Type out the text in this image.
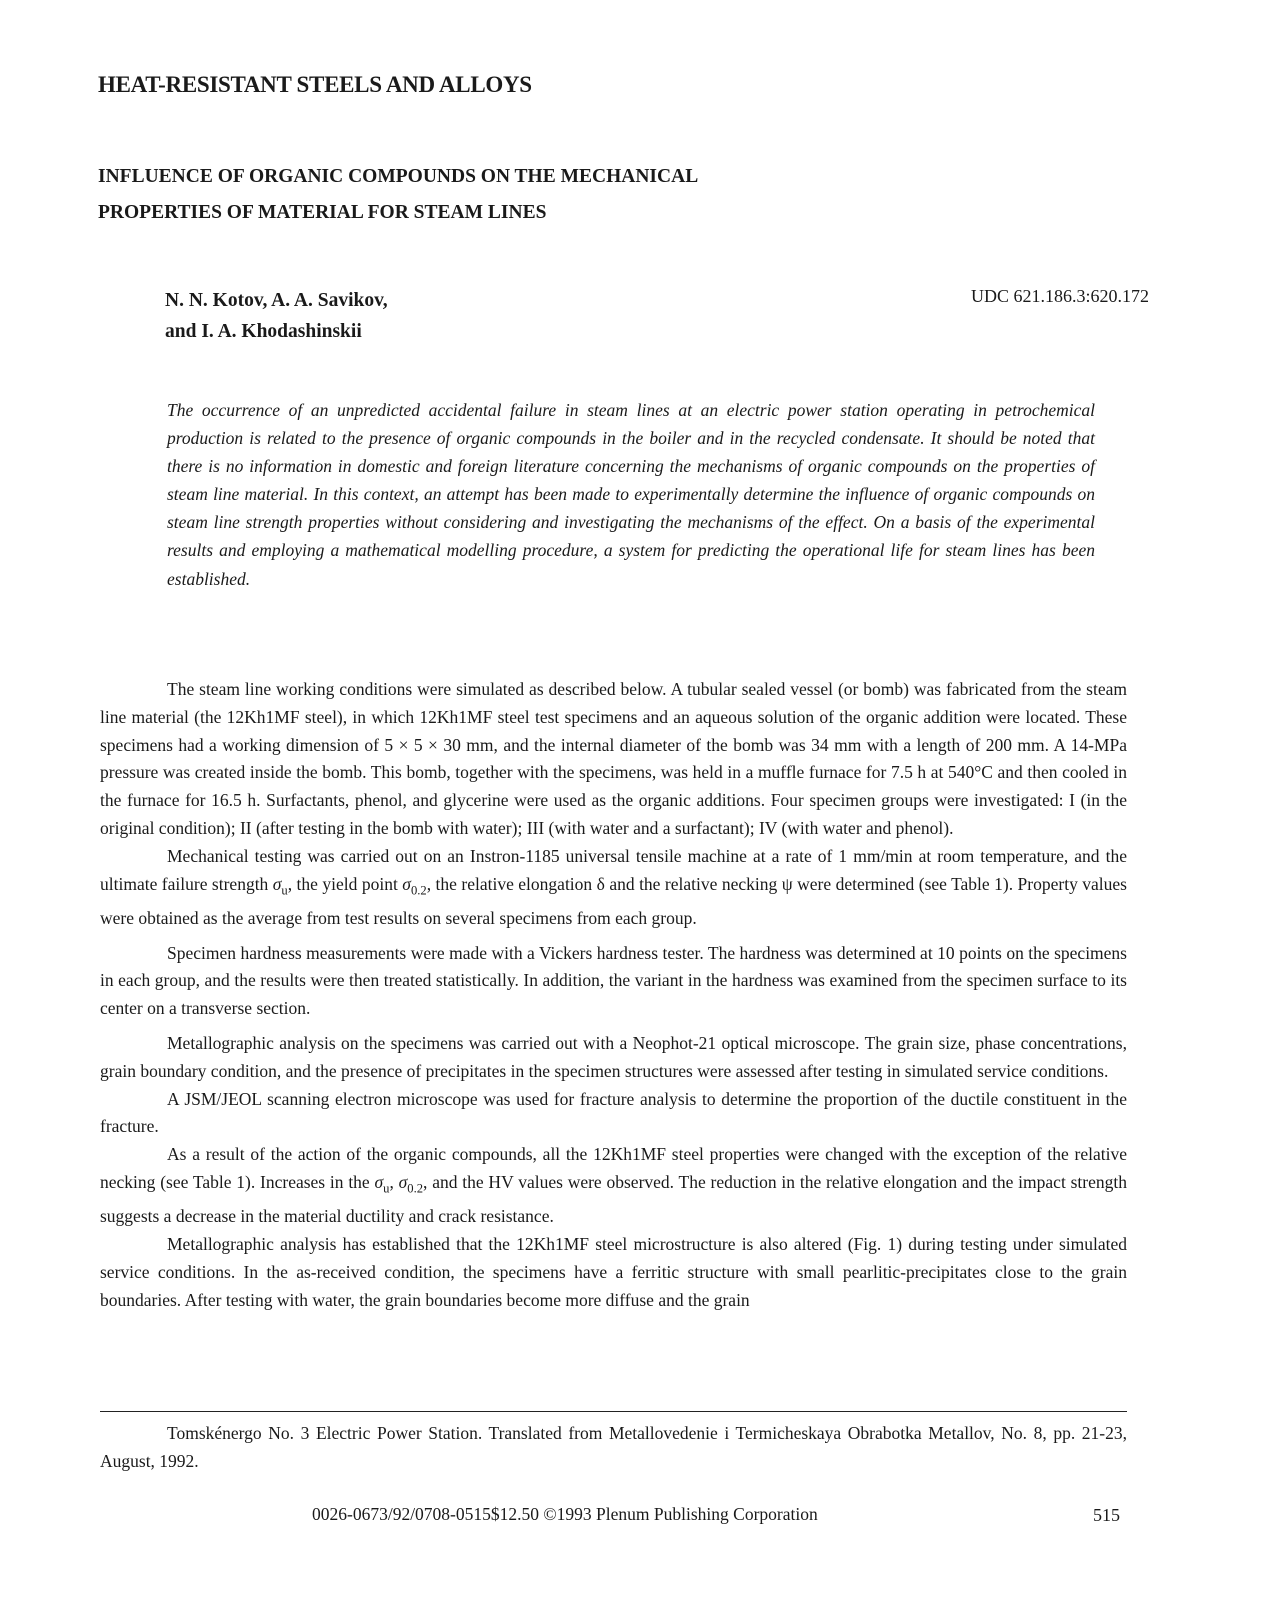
HEAT-RESISTANT STEELS AND ALLOYS
INFLUENCE OF ORGANIC COMPOUNDS ON THE MECHANICAL
PROPERTIES OF MATERIAL FOR STEAM LINES
N. N. Kotov, A. A. Savikov,
and I. A. Khodashinskii
UDC 621.186.3:620.172
The occurrence of an unpredicted accidental failure in steam lines at an electric power station operating in petrochemical production is related to the presence of organic compounds in the boiler and in the recycled condensate. It should be noted that there is no information in domestic and foreign literature concerning the mechanisms of organic compounds on the properties of steam line material. In this context, an attempt has been made to experimentally determine the influence of organic compounds on steam line strength properties without considering and investigating the mechanisms of the effect. On a basis of the experimental results and employing a mathematical modelling procedure, a system for predicting the operational life for steam lines has been established.

The steam line working conditions were simulated as described below. A tubular sealed vessel (or bomb) was fabricated from the steam line material (the 12Kh1MF steel), in which 12Kh1MF steel test specimens and an aqueous solution of the organic addition were located. These specimens had a working dimension of 5 × 5 × 30 mm, and the internal diameter of the bomb was 34 mm with a length of 200 mm. A 14-MPa pressure was created inside the bomb. This bomb, together with the specimens, was held in a muffle furnace for 7.5 h at 540°C and then cooled in the furnace for 16.5 h. Surfactants, phenol, and glycerine were used as the organic additions. Four specimen groups were investigated: I (in the original condition); II (after testing in the bomb with water); III (with water and a surfactant); IV (with water and phenol).

Mechanical testing was carried out on an Instron-1185 universal tensile machine at a rate of 1 mm/min at room temperature, and the ultimate failure strength $\sigma_u$, the yield point $\sigma_{0.2}$, the relative elongation δ and the relative necking ψ were determined (see Table 1). Property values were obtained as the average from test results on several specimens from each group.

Specimen hardness measurements were made with a Vickers hardness tester. The hardness was determined at 10 points on the specimens in each group, and the results were then treated statistically. In addition, the variant in the hardness was examined from the specimen surface to its center on a transverse section.

Metallographic analysis on the specimens was carried out with a Neophot-21 optical microscope. The grain size, phase concentrations, grain boundary condition, and the presence of precipitates in the specimen structures were assessed after testing in simulated service conditions.

A JSM/JEOL scanning electron microscope was used for fracture analysis to determine the proportion of the ductile constituent in the fracture.

As a result of the action of the organic compounds, all the 12Kh1MF steel properties were changed with the exception of the relative necking (see Table 1). Increases in the $\sigma_u$, $\sigma_{0.2}$, and the HV values were observed. The reduction in the relative elongation and the impact strength suggests a decrease in the material ductility and crack resistance.

Metallographic analysis has established that the 12Kh1MF steel microstructure is also altered (Fig. 1) during testing under simulated service conditions. In the as-received condition, the specimens have a ferritic structure with small pearlitic-precipitates close to the grain boundaries. After testing with water, the grain boundaries become more diffuse and the grain

Tomskénergo No. 3 Electric Power Station. Translated from Metallovedenie i Termicheskaya Obrabotka Metallov, No. 8, pp. 21-23, August, 1992.

0026-0673/92/0708-0515$12.50 ©1993 Plenum Publishing Corporation	515
